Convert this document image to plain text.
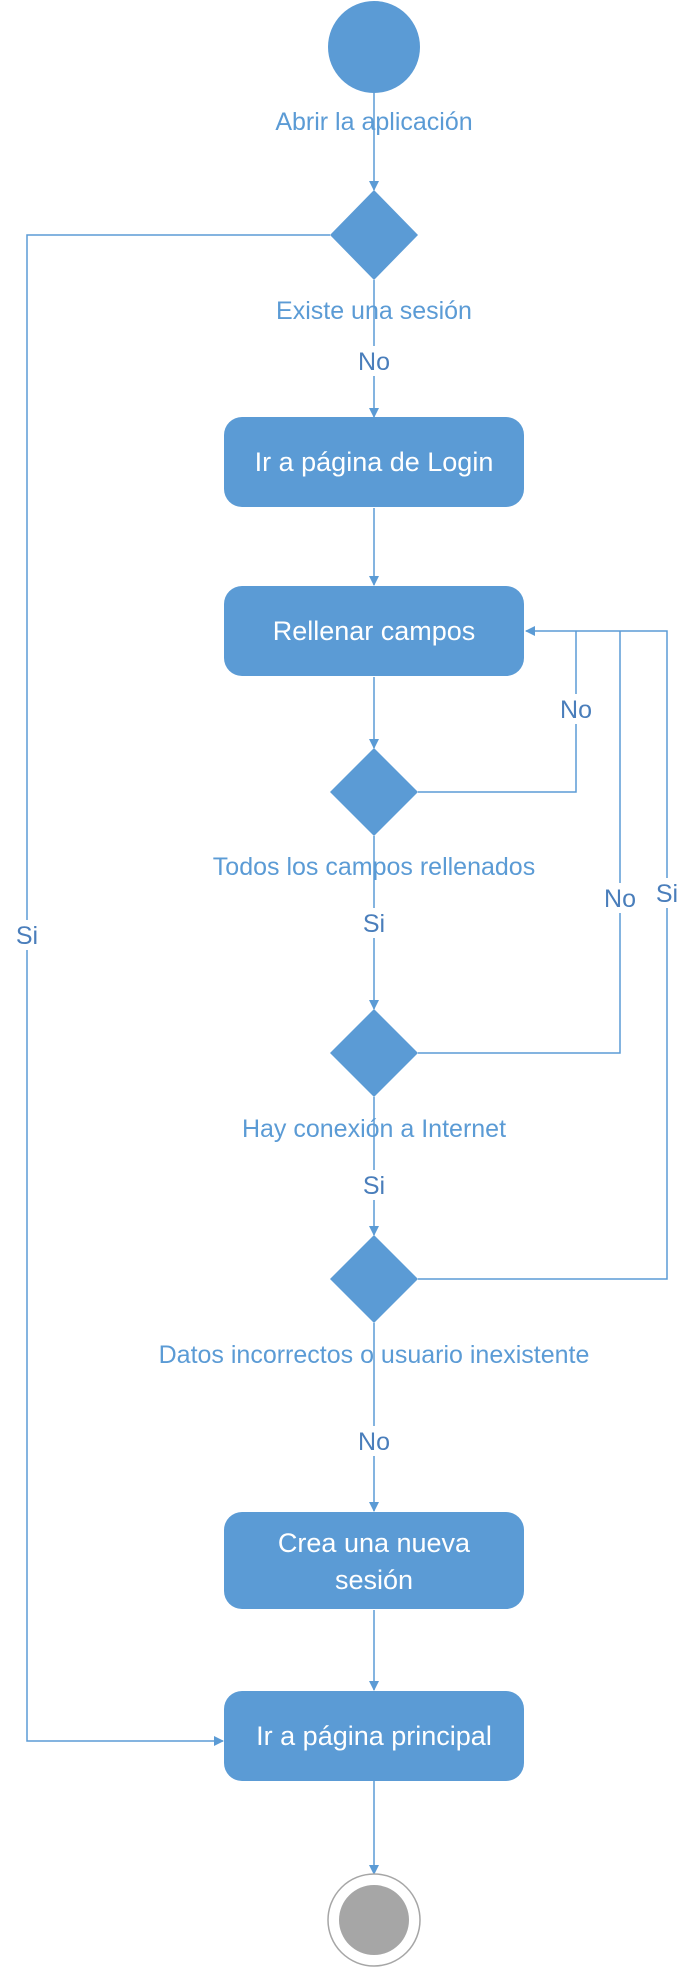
Ir a página de Login
Rellenar campos
Crea una nueva
sesión
Ir a página principal
Abrir la aplicación
Existe una sesión
Todos los campos rellenados
Hay conexión a Internet
Datos incorrectos o usuario inexistente
No
Si
No
Si
No
Si
Si
No
